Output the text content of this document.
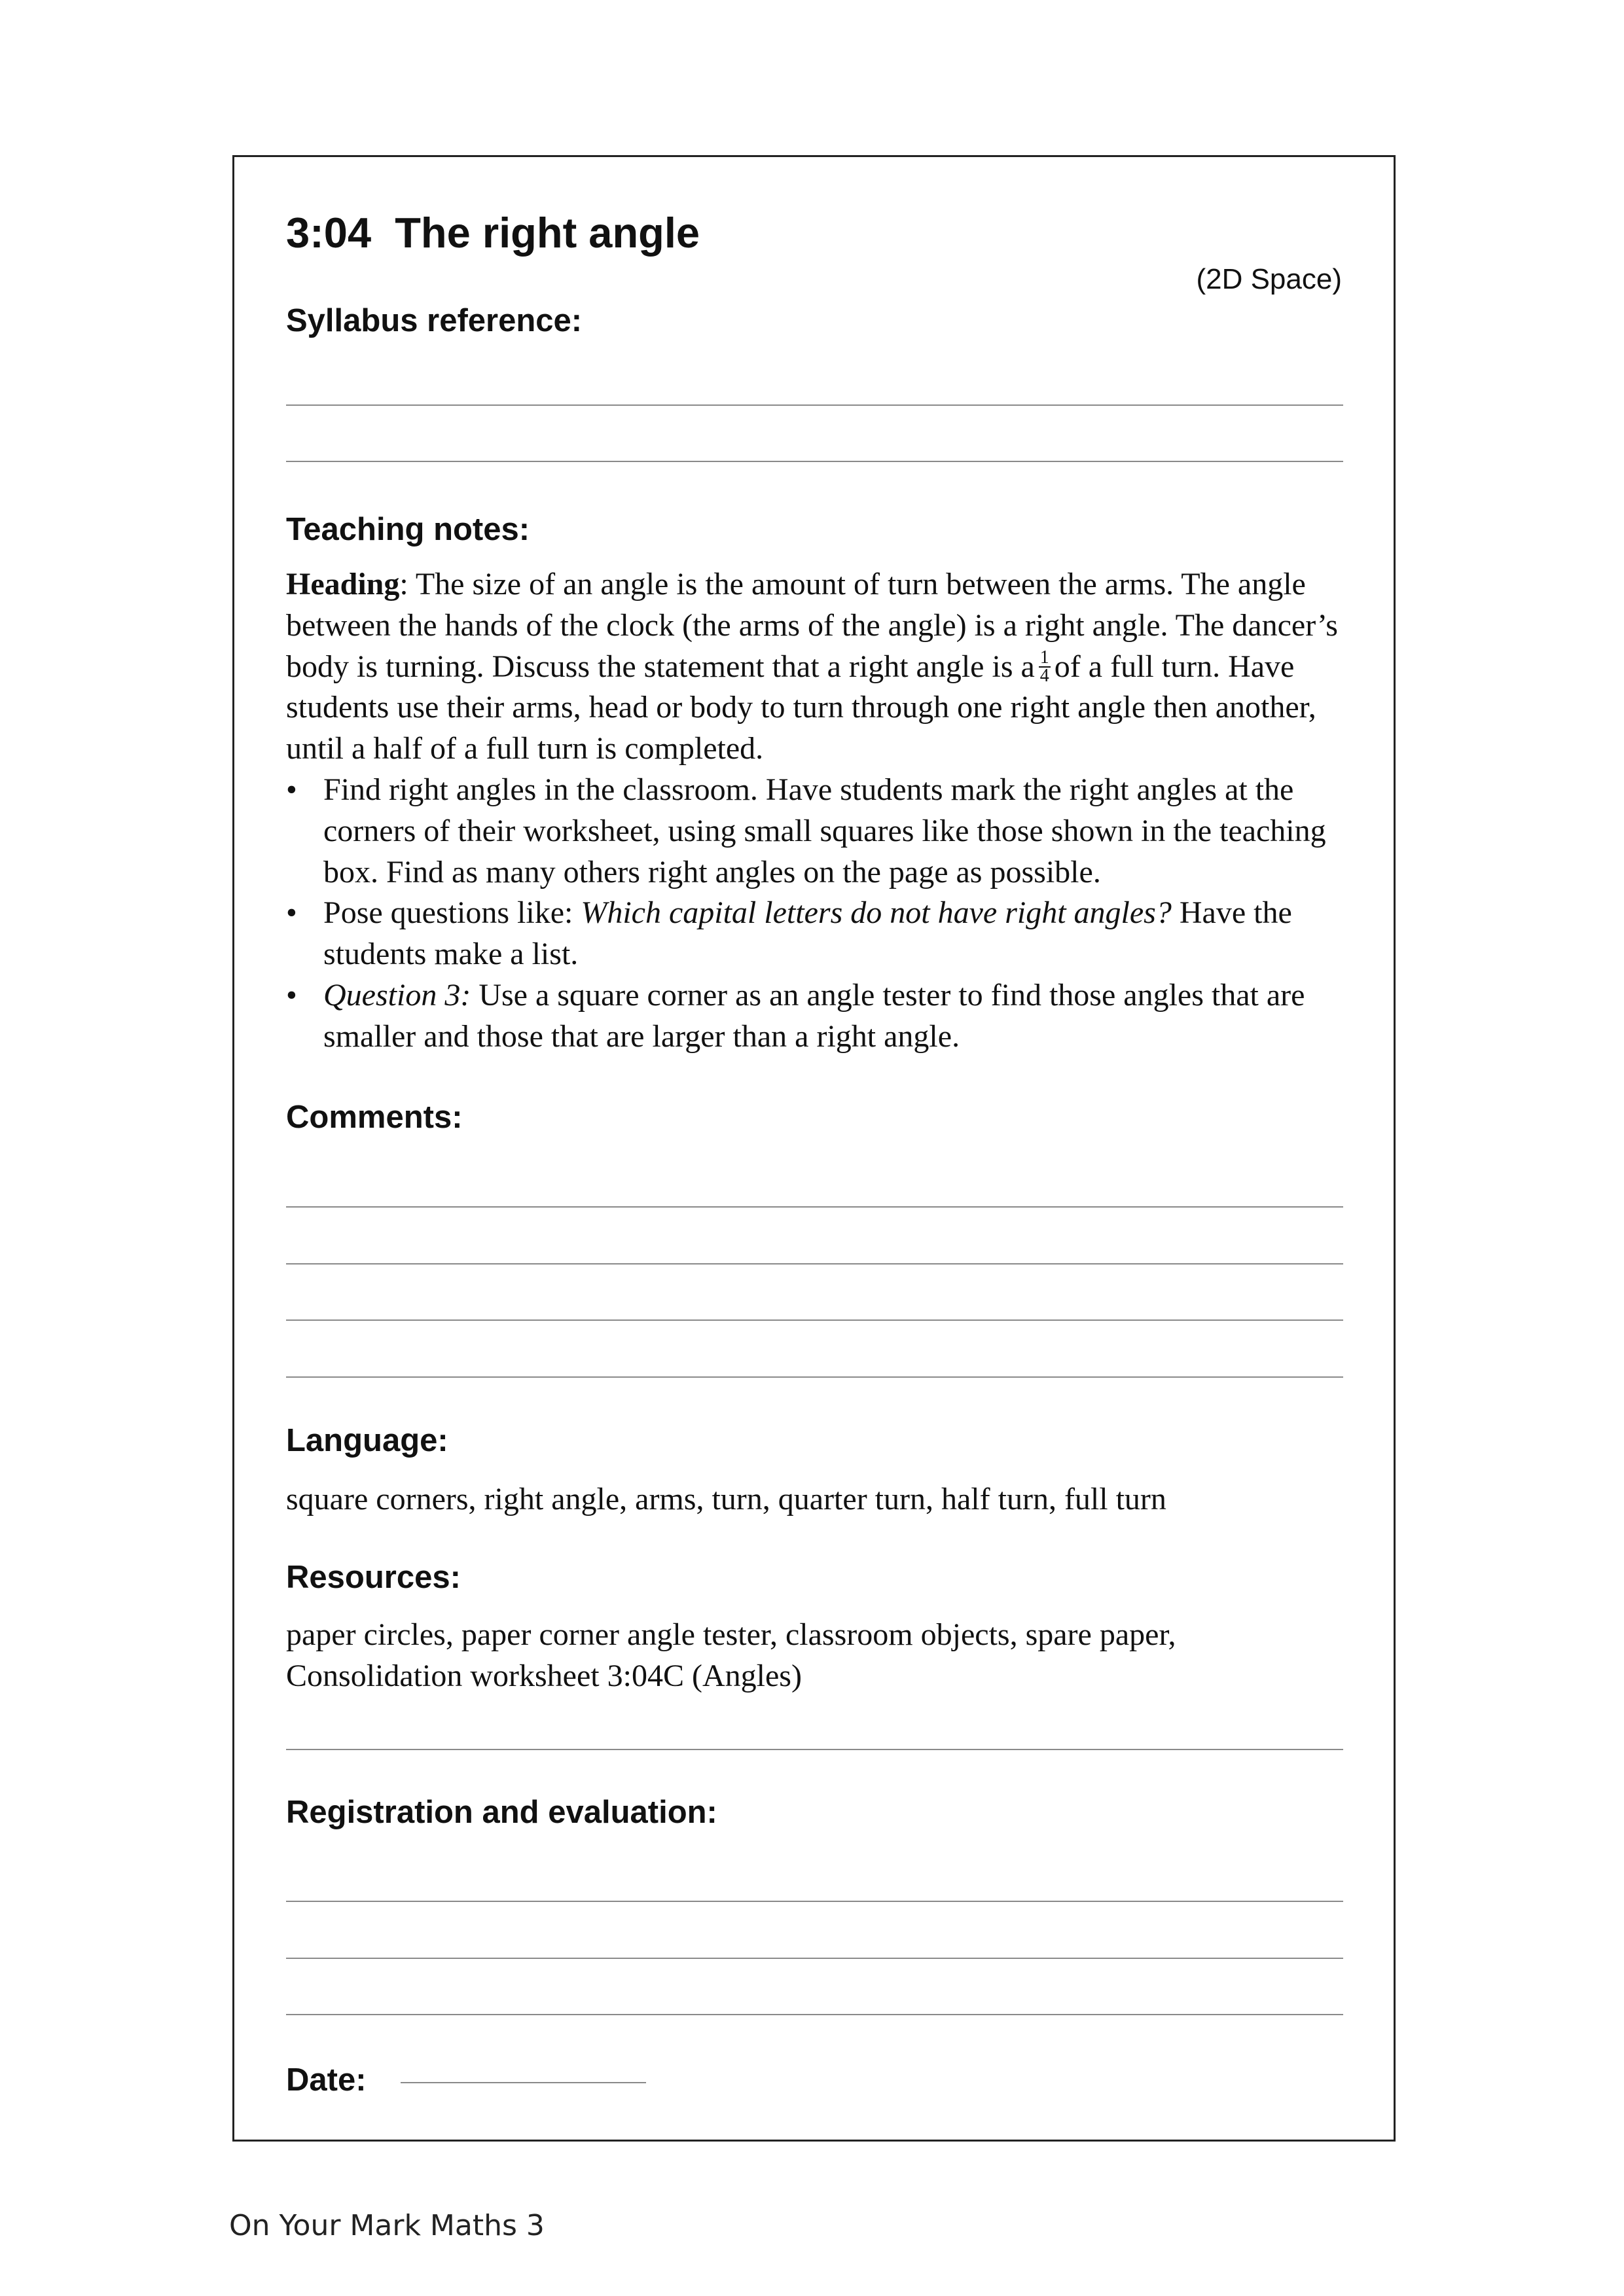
3:04  The right angle
(2D Space)
Syllabus reference:
Teaching notes:

Heading: The size of an angle is the amount of turn between the arms. The angle between the hands of the clock (the arms of the angle) is a right angle. The dancer’s body is turning. Discuss the statement that a right angle is a $\frac{1}{4}$ of a full turn. Have students use their arms, head or body to turn through one right angle then another, until a half of a full turn is completed.

• Find right angles in the classroom. Have students mark the right angles at the corners of their worksheet, using small squares like those shown in the teaching box. Find as many others right angles on the page as possible.
• Pose questions like: Which capital letters do not have right angles? Have the students make a list.
• Question 3: Use a square corner as an angle tester to find those angles that are smaller and those that are larger than a right angle.
Comments:
Language:
square corners, right angle, arms, turn, quarter turn, half turn, full turn
Resources:
paper circles, paper corner angle tester, classroom objects, spare paper, Consolidation worksheet 3:04C (Angles)
Registration and evaluation:
Date:
On Your Mark Maths 3
